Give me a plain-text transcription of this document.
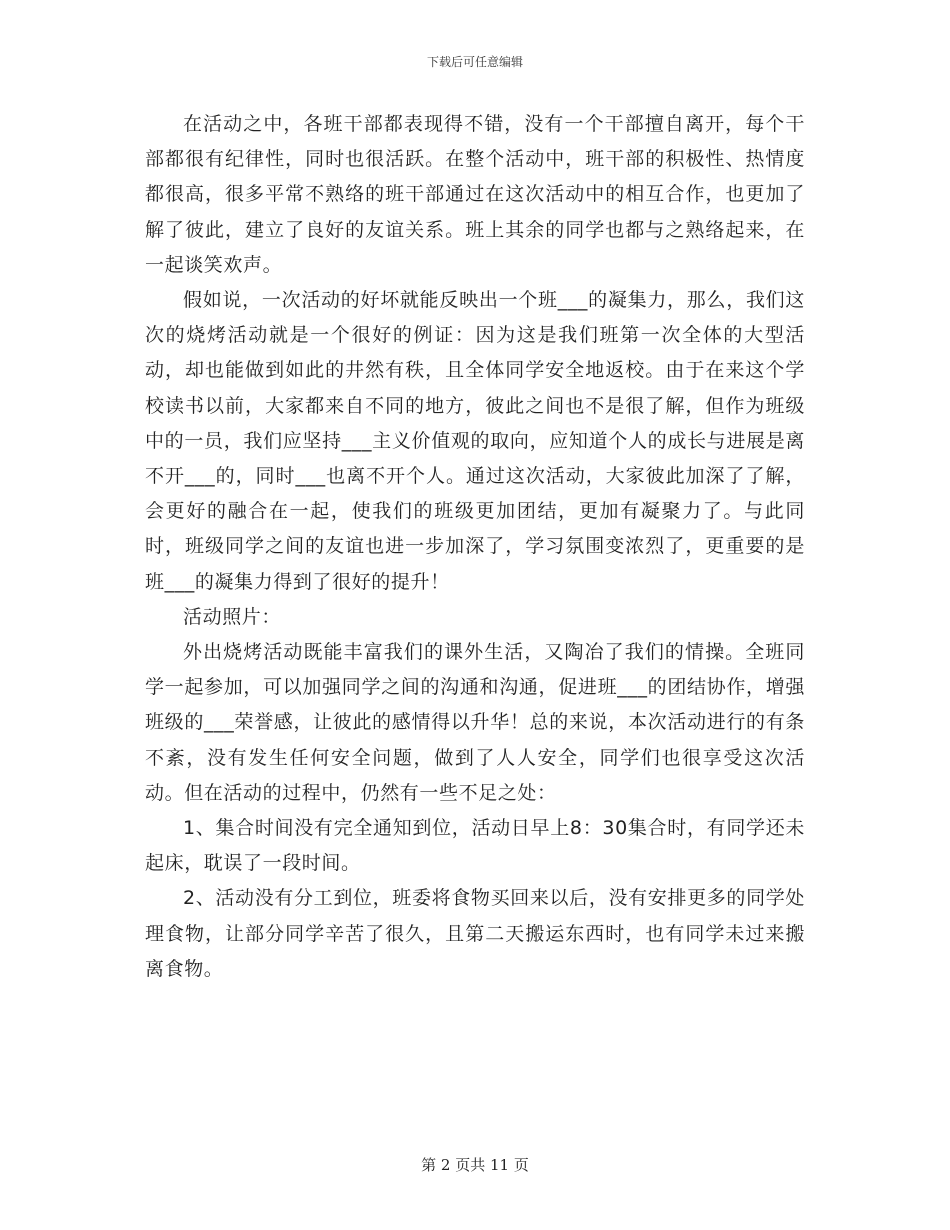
下载后可任意编辑

在活动之中，各班干部都表现得不错，没有一个干部擅自离开，每个干部都很有纪律性，同时也很活跃。在整个活动中，班干部的积极性、热情度都很高，很多平常不熟络的班干部通过在这次活动中的相互合作，也更加了解了彼此，建立了良好的友谊关系。班上其余的同学也都与之熟络起来，在一起谈笑欢声。

假如说，一次活动的好坏就能反映出一个班___的凝集力，那么，我们这次的烧烤活动就是一个很好的例证：因为这是我们班第一次全体的大型活动，却也能做到如此的井然有秩，且全体同学安全地返校。由于在来这个学校读书以前，大家都来自不同的地方，彼此之间也不是很了解，但作为班级中的一员，我们应坚持___主义价值观的取向，应知道个人的成长与进展是离不开___的，同时___也离不开个人。通过这次活动，大家彼此加深了了解，会更好的融合在一起，使我们的班级更加团结，更加有凝聚力了。与此同时，班级同学之间的友谊也进一步加深了，学习氛围变浓烈了，更重要的是班___的凝集力得到了很好的提升！

活动照片：

外出烧烤活动既能丰富我们的课外生活，又陶冶了我们的情操。全班同学一起参加，可以加强同学之间的沟通和沟通，促进班___的团结协作，增强班级的___荣誉感，让彼此的感情得以升华！总的来说，本次活动进行的有条不紊，没有发生任何安全问题，做到了人人安全，同学们也很享受这次活动。但在活动的过程中，仍然有一些不足之处：

1、集合时间没有完全通知到位，活动日早上8：30集合时，有同学还未起床，耽误了一段时间。

2、活动没有分工到位，班委将食物买回来以后，没有安排更多的同学处理食物，让部分同学辛苦了很久，且第二天搬运东西时，也有同学未过来搬离食物。

第 2 页共 11 页
